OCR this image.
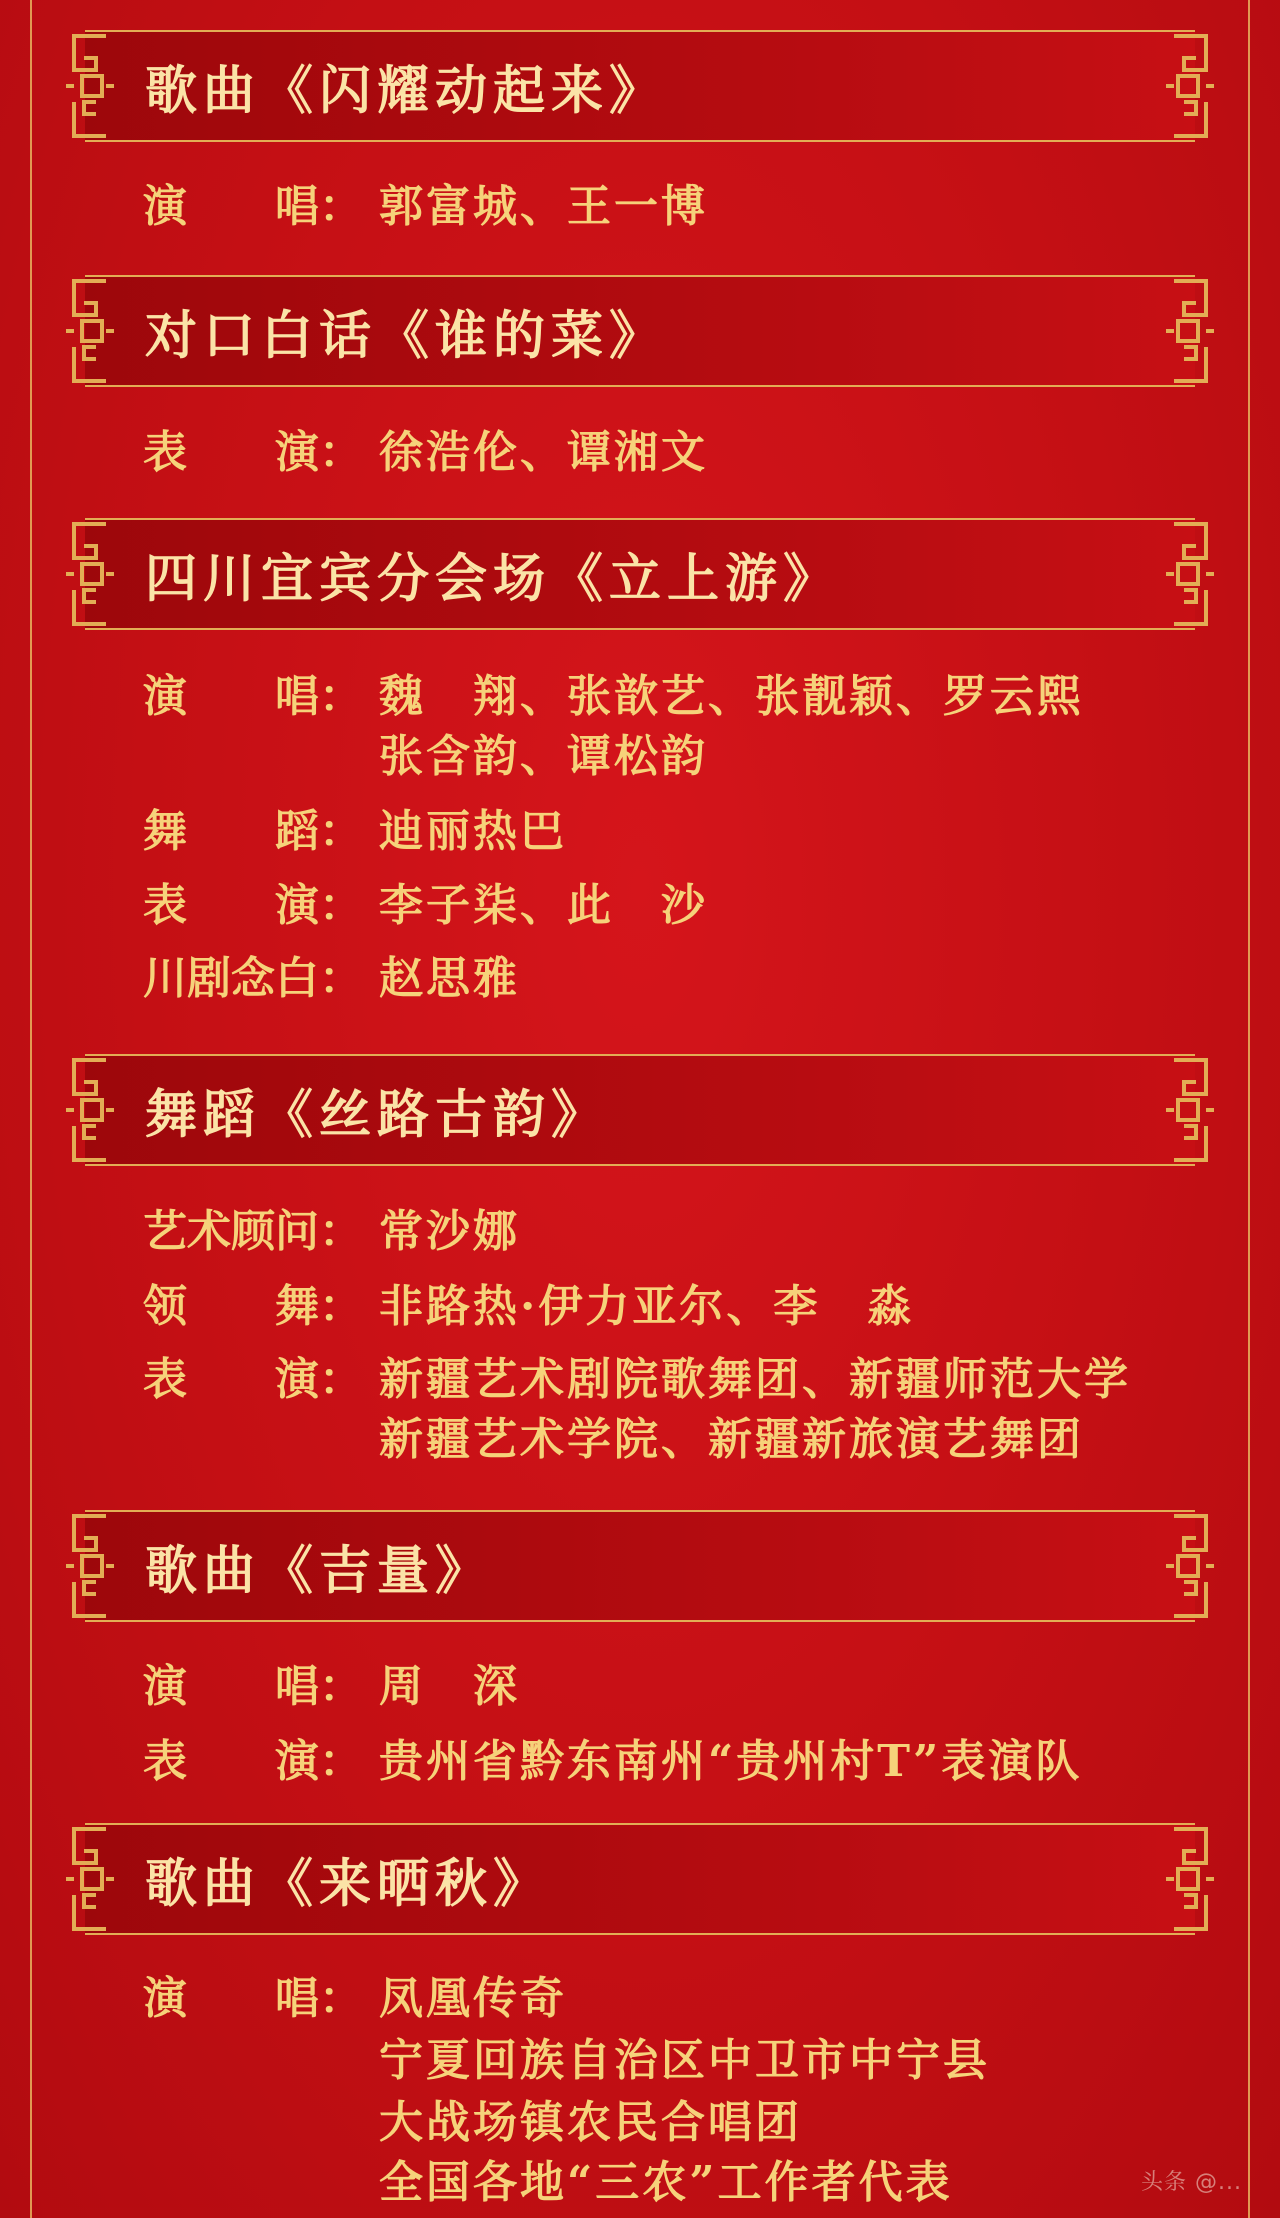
歌曲《闪耀动起来》
演　　唱： 郭富城、王一博
对口白话《谁的菜》
表　　演： 徐浩伦、谭湘文
四川宜宾分会场《立上游》
演　　唱： 魏　翔、张歆艺、张靓颖、罗云熙
张含韵、谭松韵
舞　　蹈： 迪丽热巴
表　　演： 李子柒、此　沙
川剧念白： 赵思雅
舞蹈《丝路古韵》
艺术顾问： 常沙娜
领　　舞： 非路热·伊力亚尔、李　淼
表　　演： 新疆艺术剧院歌舞团、新疆师范大学
新疆艺术学院、新疆新旅演艺舞团
歌曲《吉量》
演　　唱： 周　深
表　　演： 贵州省黔东南州“贵州村T”表演队
歌曲《来晒秋》
演　　唱： 凤凰传奇
宁夏回族自治区中卫市中宁县
大战场镇农民合唱团
全国各地“三农”工作者代表	头条 @...
